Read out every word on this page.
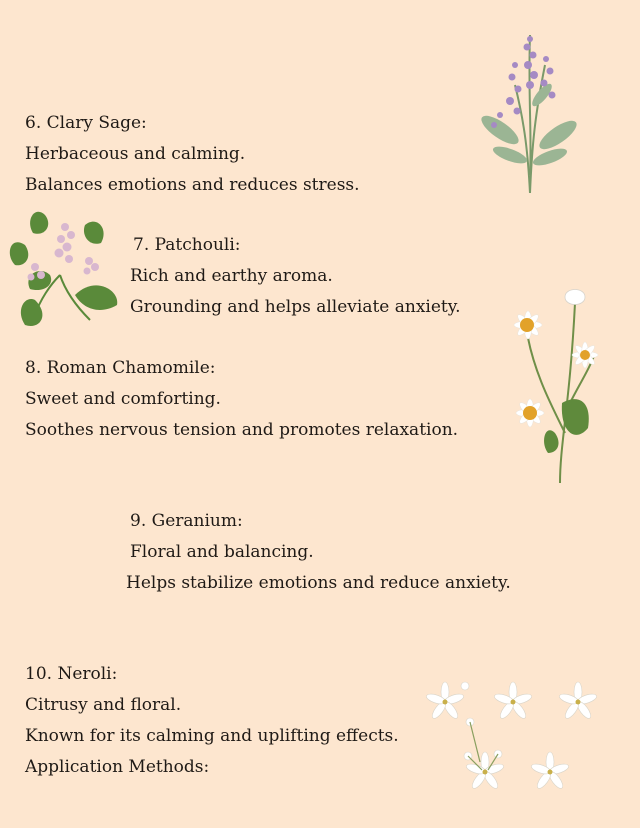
6. Clary Sage:
Herbaceous and calming.
Balances emotions and reduces stress.
7. Patchouli:
Rich and earthy aroma.
Grounding and helps alleviate anxiety.
8. Roman Chamomile:
Sweet and comforting.
Soothes nervous tension and promotes relaxation.
9. Geranium:
Floral and balancing.
Helps stabilize emotions and reduce anxiety.
10. Neroli:
Citrusy and floral.
Known for its calming and uplifting effects.
Application Methods:
